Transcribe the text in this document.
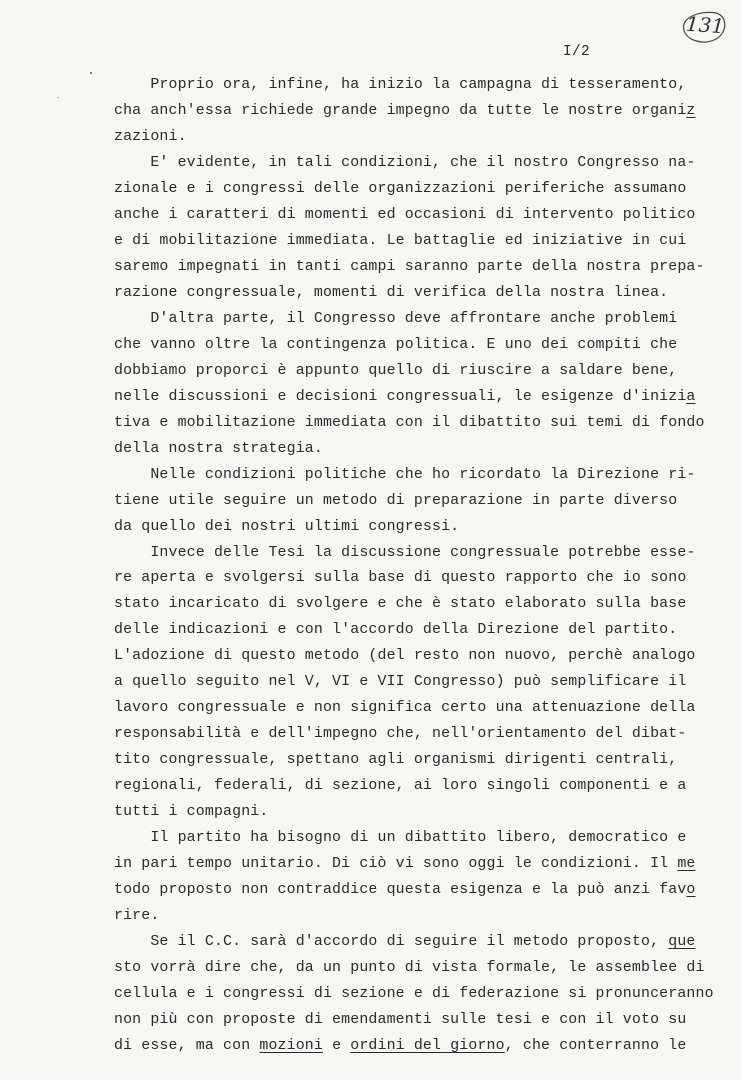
I/2
131
Proprio ora, infine, ha inizio la campagna di tesseramento,
cha anch'essa richiede grande impegno da tutte le nostre organiz
zazioni.
E' evidente, in tali condizioni, che il nostro Congresso na-
zionale e i congressi delle organizzazioni periferiche assumano
anche i caratteri di momenti ed occasioni di intervento politico
e di mobilitazione immediata. Le battaglie ed iniziative in cui
saremo impegnati in tanti campi saranno parte della nostra prepa-
razione congressuale, momenti di verifica della nostra linea.
D'altra parte, il Congresso deve affrontare anche problemi
che vanno oltre la contingenza politica. E uno dei compiti che
dobbiamo proporci è appunto quello di riuscire a saldare bene,
nelle discussioni e decisioni congressuali, le esigenze d'inizia
tiva e mobilitazione immediata con il dibattito sui temi di fondo
della nostra strategia.
Nelle condizioni politiche che ho ricordato la Direzione ri-
tiene utile seguire un metodo di preparazione in parte diverso
da quello dei nostri ultimi congressi.
Invece delle Tesi la discussione congressuale potrebbe esse-
re aperta e svolgersi sulla base di questo rapporto che io sono
stato incaricato di svolgere e che è stato elaborato sulla base
delle indicazioni e con l'accordo della Direzione del partito.
L'adozione di questo metodo (del resto non nuovo, perchè analogo
a quello seguito nel V, VI e VII Congresso) può semplificare il
lavoro congressuale e non significa certo una attenuazione della
responsabilità e dell'impegno che, nell'orientamento del dibat-
tito congressuale, spettano agli organismi dirigenti centrali,
regionali, federali, di sezione, ai loro singoli componenti e a
tutti i compagni.
Il partito ha bisogno di un dibattito libero, democratico e
in pari tempo unitario. Di ciò vi sono oggi le condizioni. Il me
todo proposto non contraddice questa esigenza e la può anzi favo
rire.
Se il C.C. sarà d'accordo di seguire il metodo proposto, que
sto vorrà dire che, da un punto di vista formale, le assemblee di
cellula e i congressi di sezione e di federazione si pronunceranno
non più con proposte di emendamenti sulle tesi e con il voto su
di esse, ma con mozioni e ordini del giorno, che conterranno le
